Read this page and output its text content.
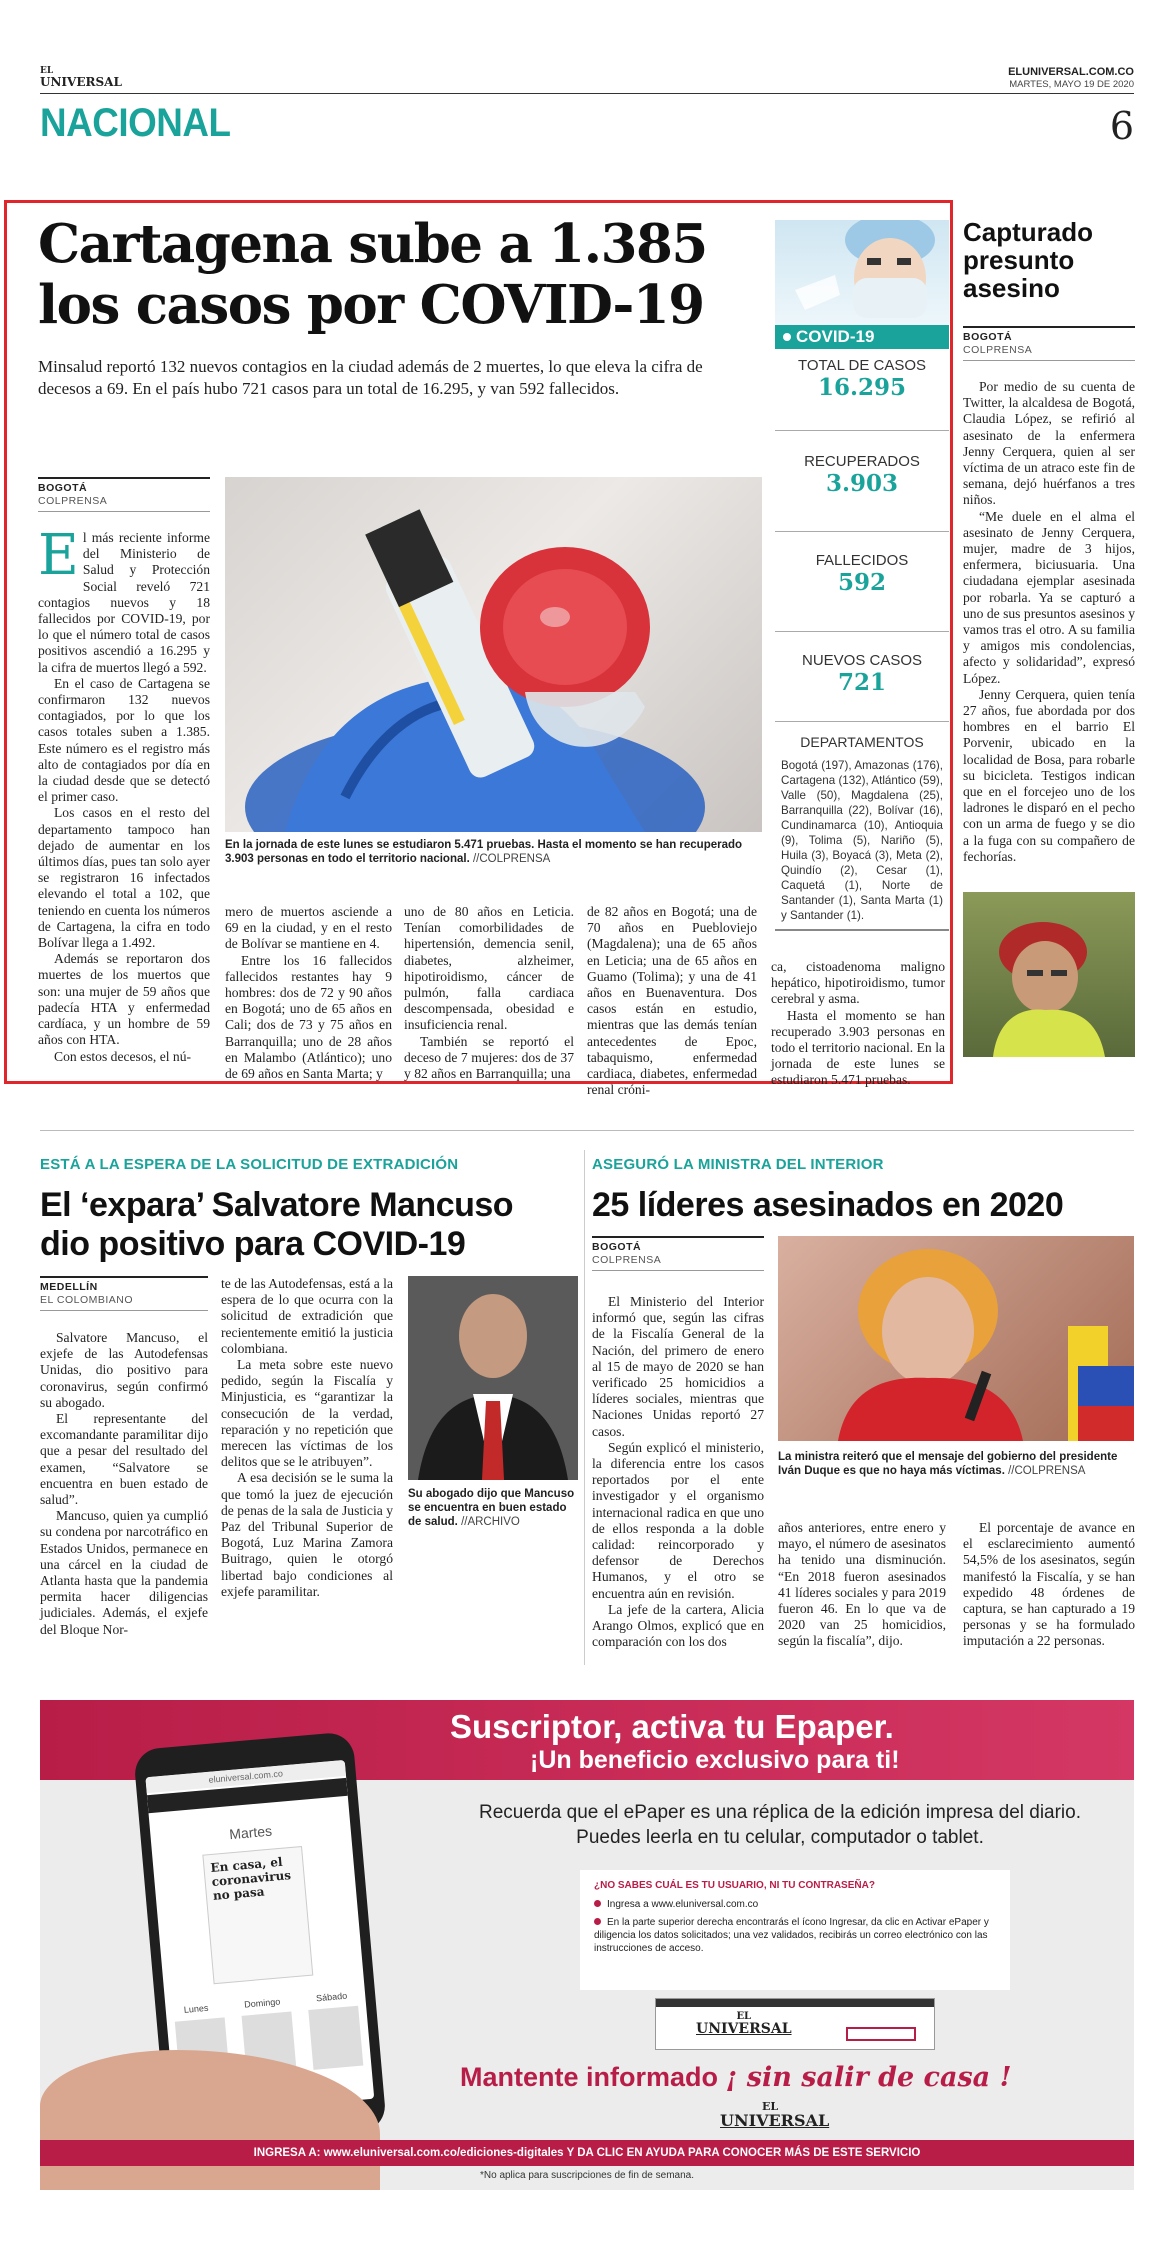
EL
UNIVERSAL
ELUNIVERSAL.COM.CO
MARTES, MAYO 19 DE 2020
NACIONAL	6
Cartagena sube a 1.385
los casos por COVID-19
Minsalud reportó 132 nuevos contagios en la ciudad además de 2 muertes, lo que eleva la cifra de decesos a 69. En el país hubo 721 casos para un total de 16.295, y van 592 fallecidos.
BOGOTÁ
COLPRENSA
E l más reciente informe del Ministerio de Salud y Protección Social reveló 721 contagios nuevos y 18 fallecidos por COVID-19, por lo que el número total de casos positivos ascendió a 16.295 y la cifra de muertos llegó a 592.

En el caso de Cartagena se confirmaron 132 nuevos contagiados, por lo que los casos totales suben a 1.385. Este número es el registro más alto de contagiados por día en la ciudad desde que se detectó el primer caso.

Los casos en el resto del departamento tampoco han dejado de aumentar en los últimos días, pues tan solo ayer se registraron 16 infectados elevando el total a 102, que teniendo en cuenta los números de Cartagena, la cifra en todo Bolívar llega a 1.492.

Además se reportaron dos muertes de los muertos que son: una mujer de 59 años que padecía HTA y enfermedad cardíaca, y un hombre de 59 años con HTA.

Con estos decesos, el nú-

En la jornada de este lunes se estudiaron 5.471 pruebas. Hasta el momento se han recuperado 3.903 personas en todo el territorio nacional. //COLPRENSA

mero de muertos asciende a 69 en la ciudad, y en el resto de Bolívar se mantiene en 4.

Entre los 16 fallecidos fallecidos restantes hay 9 hombres: dos de 72 y 90 años en Bogotá; uno de 65 años en Cali; dos de 73 y 75 años en Barranquilla; uno de 28 años en Malambo (Atlántico); uno de 69 años en Santa Marta; y

uno de 80 años en Leticia. Tenían comorbilidades de hipertensión, demencia senil, diabetes, alzheimer, hipotiroidismo, cáncer de pulmón, falla cardiaca descompensada, obesidad e insuficiencia renal.

También se reportó el deceso de 7 mujeres: dos de 37 y 82 años en Barranquilla; una

de 82 años en Bogotá; una de 70 años en Puebloviejo (Magdalena); una de 65 años en Leticia; una de 65 años en Guamo (Tolima); y una de 41 años en Buenaventura. Dos casos están en estudio, mientras que las demás tenían antecedentes de Epoc, tabaquismo, enfermedad cardiaca, diabetes, enfermedad renal cróni-

ca, cistoadenoma maligno hepático, hipotiroidismo, tumor cerebral y asma.

Hasta el momento se han recuperado 3.903 personas en todo el territorio nacional. En la jornada de este lunes se estudiaron 5.471 pruebas.

COVID-19
TOTAL DE CASOS
16.295
RECUPERADOS
3.903
FALLECIDOS
592
NUEVOS CASOS
721
DEPARTAMENTOS
Bogotá (197), Amazonas (176), Cartagena (132), Atlántico (59), Valle (50), Magdalena (25), Barranquilla (22), Bolívar (16), Cundinamarca (10), Antioquia (9), Tolima (5), Nariño (5), Huila (3), Boyacá (3), Meta (2), Quindío (2), Cesar (1), Caquetá (1), Norte de Santander (1), Santa Marta (1) y Santander (1).
Capturado presunto asesino
BOGOTÁ
COLPRENSA

Por medio de su cuenta de Twitter, la alcaldesa de Bogotá, Claudia López, se refirió al asesinato de la enfermera Jenny Cerquera, quien al ser víctima de un atraco este fin de semana, dejó huérfanos a tres niños.

“Me duele en el alma el asesinato de Jenny Cerquera, mujer, madre de 3 hijos, enfermera, biciusuaria. Una ciudadana ejemplar asesinada por robarla. Ya se capturó a uno de sus presuntos asesinos y vamos tras el otro. A su familia y amigos mis condolencias, afecto y solidaridad”, expresó López.

Jenny Cerquera, quien tenía 27 años, fue abordada por dos hombres en el barrio El Porvenir, ubicado en la localidad de Bosa, para robarle su bicicleta. Testigos indican que en el forcejeo uno de los ladrones le disparó en el pecho con un arma de fuego y se dio a la fuga con su compañero de fechorías.

ESTÁ A LA ESPERA DE LA SOLICITUD DE EXTRADICIÓN
El ‘expara’ Salvatore Mancuso
dio positivo para COVID-19
MEDELLÍN
EL COLOMBIANO

Salvatore Mancuso, el exjefe de las Autodefensas Unidas, dio positivo para coronavirus, según confirmó su abogado.

El representante del excomandante paramilitar dijo que a pesar del resultado del examen, “Salvatore se encuentra en buen estado de salud”.

Mancuso, quien ya cumplió su condena por narcotráfico en Estados Unidos, permanece en una cárcel en la ciudad de Atlanta hasta que la pandemia permita hacer diligencias judiciales. Además, el exjefe del Bloque Nor-

te de las Autodefensas, está a la espera de lo que ocurra con la solicitud de extradición que recientemente emitió la justicia colombiana.

La meta sobre este nuevo pedido, según la Fiscalía y Minjusticia, es “garantizar la consecución de la verdad, reparación y no repetición que merecen las víctimas de los delitos que se le atribuyen”.

A esa decisión se le suma la que tomó la juez de ejecución de penas de la sala de Justicia y Paz del Tribunal Superior de Bogotá, Luz Marina Zamora Buitrago, quien le otorgó libertad bajo condiciones al exjefe paramilitar.

Su abogado dijo que Mancuso se encuentra en buen estado de salud. //ARCHIVO
ASEGURÓ LA MINISTRA DEL INTERIOR
25 líderes asesinados en 2020
BOGOTÁ
COLPRENSA

El Ministerio del Interior informó que, según las cifras de la Fiscalía General de la Nación, del primero de enero al 15 de mayo de 2020 se han verificado 25 homicidios a líderes sociales, mientras que Naciones Unidas reportó 27 casos.

Según explicó el ministerio, la diferencia entre los casos reportados por el ente investigador y el organismo internacional radica en que uno de ellos responda a la doble calidad: reincorporado y defensor de Derechos Humanos, y el otro se encuentra aún en revisión.

La jefe de la cartera, Alicia Arango Olmos, explicó que en comparación con los dos

La ministra reiteró que el mensaje del gobierno del presidente Iván Duque es que no haya más víctimas. //COLPRENSA

años anteriores, entre enero y mayo, el número de asesinatos ha tenido una disminución. “En 2018 fueron asesinados 41 líderes sociales y para 2019 fueron 46. En lo que va de 2020 van 25 homicidios, según la fiscalía”, dijo.

El porcentaje de avance en el esclarecimiento aumentó 54,5% de los asesinatos, según manifestó la Fiscalía, y se han expedido 48 órdenes de captura, se han capturado a 19 personas y se ha formulado imputación a 22 personas.

Suscriptor, activa tu Epaper.
¡Un beneficio exclusivo para ti!
Recuerda que el ePaper es una réplica de la edición impresa del diario. Puedes leerla en tu celular, computador o tablet.
eluniversal.com.co
Martes
En casa, el coronavirus no pasa
Lunes	Domingo	Sábado
¿NO SABES CUÁL ES TU USUARIO, NI TU CONTRASEÑA?
Ingresa a www.eluniversal.com.co
En la parte superior derecha encontrarás el ícono Ingresar, da clic en Activar ePaper y diligencia los datos solicitados; una vez validados, recibirás un correo electrónico con las instrucciones de acceso.
EL
UNIVERSAL
Mantente informado ¡ sin salir de casa !
EL
UNIVERSAL
INGRESA A: www.eluniversal.com.co/ediciones-digitales Y DA CLIC EN AYUDA PARA CONOCER MÁS DE ESTE SERVICIO
*No aplica para suscripciones de fin de semana.
